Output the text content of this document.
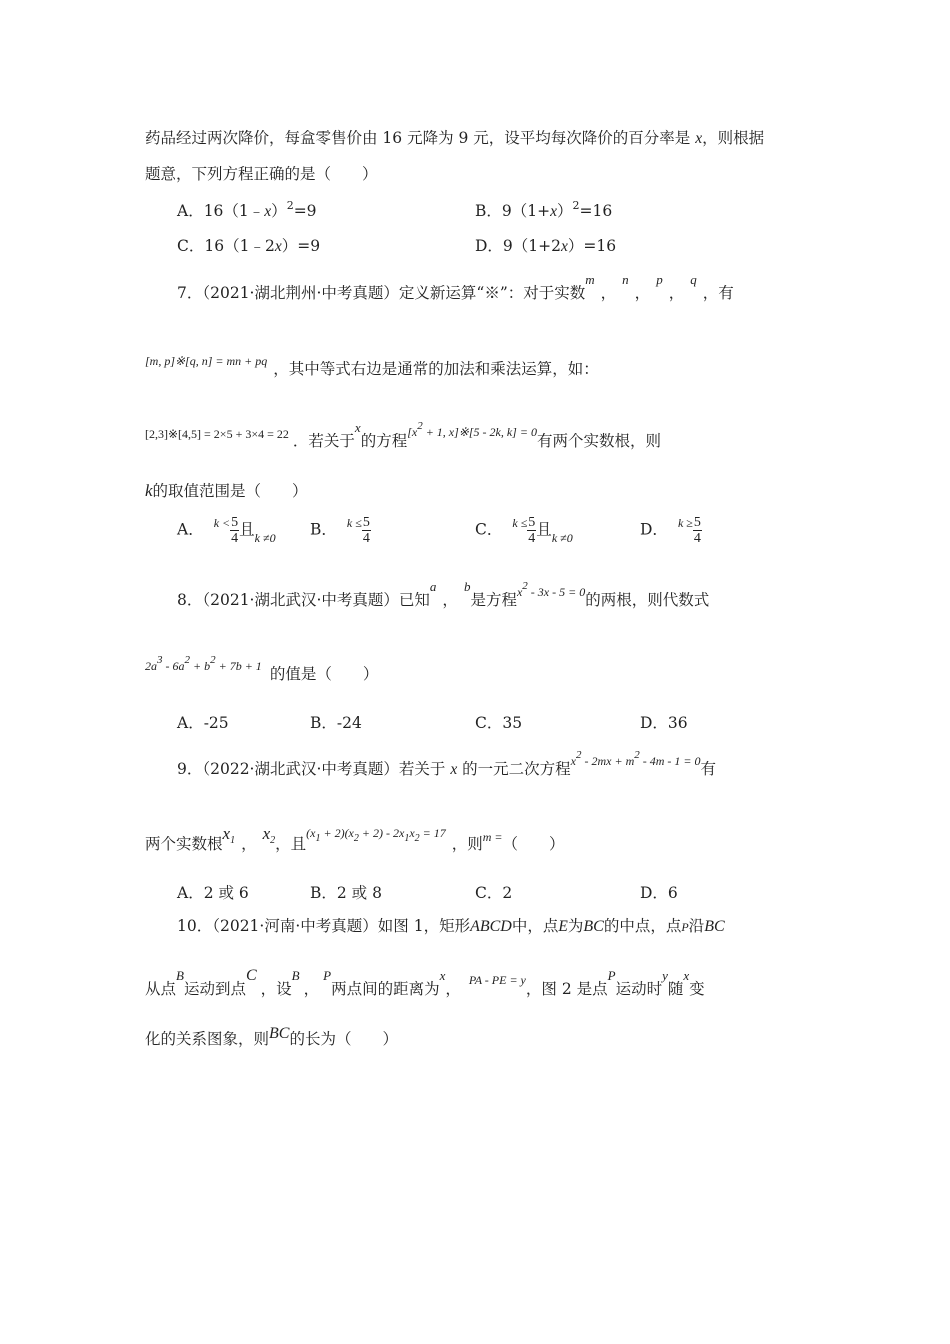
药品经过两次降价，每盒零售价由 16 元降为 9 元，设平均每次降价的百分率是 x，则根据
题意，下列方程正确的是（　　）
A．16（1﹣x）$^2$=9	B．$9(1+x)^2=16$
C．16（1﹣2x）=9	D．9（1+2x）=16
7．（2021·湖北荆州·中考真题）定义新运算“※”：对于实数$^m$，$^n$，$^p$，$^q$，有
$^{[m, p]※[q, n] = mn + pq}$ ，其中等式右边是通常的加法和乘法运算，如：
$^{[2,3]※[4,5] = 2\times 5 + 3\times 4 = 22}$ ．若关于$^x$的方程$^{[x2 + 1, x]※[5 - 2k, k] = 0}$有两个实数根，则
k的取值范围是（　　）
A． $^{k <} \frac{5}{4}$ 且$_{k \ne 0}$ B． $^{k \le} \frac{5}{4}$	C． $^{k \le} \frac{5}{4}$ 且$_{k \ne 0}$	D． $^{k \ge} \frac{5}{4}$
8．（2021·湖北武汉·中考真题）已知$^a$，$^b$是方程$^{x2 - 3x - 5 = 0}$的两根，则代数式
$^{2a3 - 6a2 + b2 + 7b + 1}$ 的值是（　　）
A．-25	B．-24	C．35	D．36
9．（2022·湖北武汉·中考真题）若关于 x 的一元二次方程$^{x2 - 2mx + m2 - 4m - 1 = 0}$有
两个实数根$x_1$ ，$x_2$，且$^{(x_1 + 2)(x_2 + 2) - 2x_1x_2 = 17}$，则$^{m =}$（　　）
A．2 或 6	B．2 或 8	C．2	D．6
10．（2021·河南·中考真题）如图 1，矩形ABCD中，点E为BC的中点，点P沿BC
从点$^B$运动到点C，设$^B$，$^P$两点间的距离为$^x$， $^{PA - PE = y}$，图 2 是点$^P$运动时$^y$随$^x$变
化的关系图象，则BC的长为（　　）
